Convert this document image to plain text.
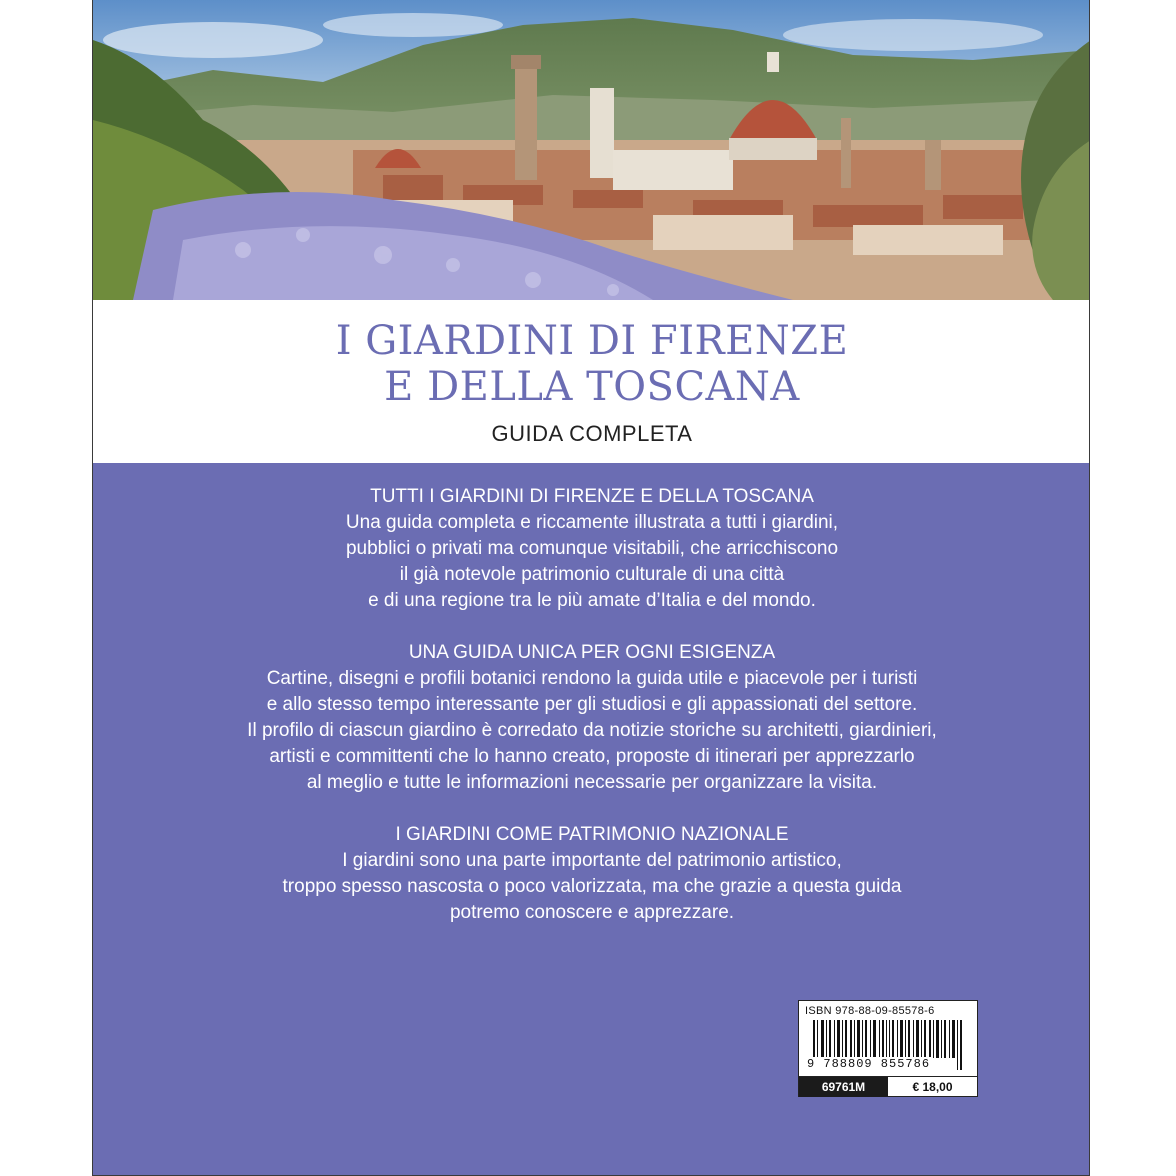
I GIARDINI DI FIRENZE
E DELLA TOSCANA
GUIDA COMPLETA
TUTTI I GIARDINI DI FIRENZE E DELLA TOSCANA
Una guida completa e riccamente illustrata a tutti i giardini,
pubblici o privati ma comunque visitabili, che arricchiscono
il già notevole patrimonio culturale di una città
e di una regione tra le più amate d’Italia e del mondo.
UNA GUIDA UNICA PER OGNI ESIGENZA
Cartine, disegni e profili botanici rendono la guida utile e piacevole per i turisti
e allo stesso tempo interessante per gli studiosi e gli appassionati del settore.
Il profilo di ciascun giardino è corredato da notizie storiche su architetti, giardinieri,
artisti e committenti che lo hanno creato, proposte di itinerari per apprezzarlo
al meglio e tutte le informazioni necessarie per organizzare la visita.
I GIARDINI COME PATRIMONIO NAZIONALE
I giardini sono una parte importante del patrimonio artistico,
troppo spesso nascosta o poco valorizzata, ma che grazie a questa guida
potremo conoscere e apprezzare.
ISBN 978-88-09-85578-6
9 788809 855786
69761M	€ 18,00
